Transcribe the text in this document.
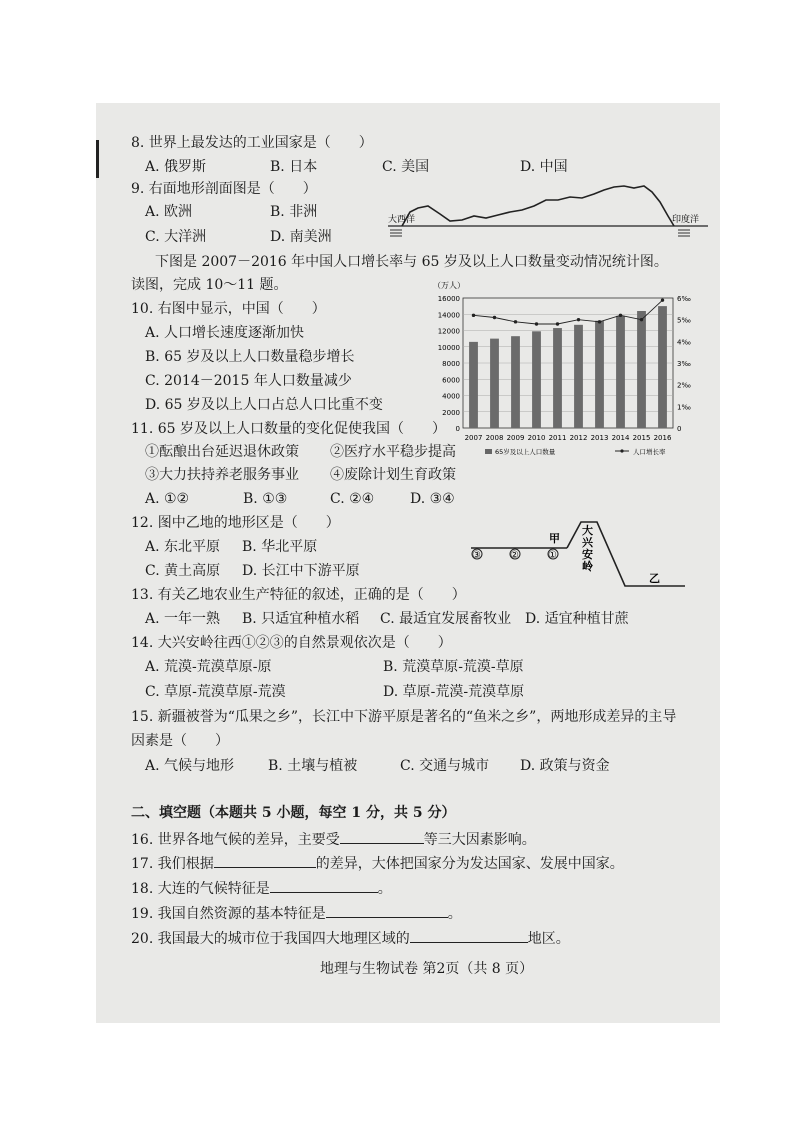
8. 世界上最发达的工业国家是（　　）
A. 俄罗斯	B. 日本	C. 美国	D. 中国
9. 右面地形剖面图是（　　）
A. 欧洲	B. 非洲
C. 大洋洲	D. 南美洲
大西洋	印度洋
下图是 2007－2016 年中国人口增长率与 65 岁及以上人口数量变动情况统计图。
读图，完成 10～11 题。
10. 右图中显示，中国（　　）
A. 人口增长速度逐渐加快
B. 65 岁及以上人口数量稳步增长
C. 2014－2015 年人口数量减少
D. 65 岁及以上人口占总人口比重不变
（万人）
0
2000
4000
6000
8000
10000
12000
14000
16000
0
1‰
2‰
3‰
4‰
5‰
6‰
2007 2008 2009 2010 2011 2012 2013 2014 2015 2016
65岁及以上人口数量	人口增长率
11. 65 岁及以上人口数量的变化促使我国（　　）
①酝酿出台延迟退休政策 ②医疗水平稳步提高
③大力扶持养老服务事业 ④废除计划生育政策
A. ①②	B. ①③	C. ②④	D. ③④
12. 图中乙地的地形区是（　　）
A. 东北平原 B. 华北平原
C. 黄土高原 D. 长江中下游平原
③	②	①
甲
大兴安岭
乙
13. 有关乙地农业生产特征的叙述，正确的是（　　）
A. 一年一熟 B. 只适宜种植水稻 C. 最适宜发展畜牧业 D. 适宜种植甘蔗
14. 大兴安岭往西①②③的自然景观依次是（　　）
A. 荒漠-荒漠草原-原	B. 荒漠草原-荒漠-草原
C. 草原-荒漠草原-荒漠	D. 草原-荒漠-荒漠草原
15. 新疆被誉为“瓜果之乡”，长江中下游平原是著名的“鱼米之乡”，两地形成差异的主导
因素是（　　）
A. 气候与地形 B. 土壤与植被	C. 交通与城市 D. 政策与资金
二、填空题（本题共 5 小题，每空 1 分，共 5 分）
16. 世界各地气候的差异，主要受	等三大因素影响。
17. 我们根据	的差异，大体把国家分为发达国家、发展中国家。
18. 大连的气候特征是	。
19. 我国自然资源的基本特征是	。
20. 我国最大的城市位于我国四大地理区域的	地区。
地理与生物试卷 第2页（共 8 页）
